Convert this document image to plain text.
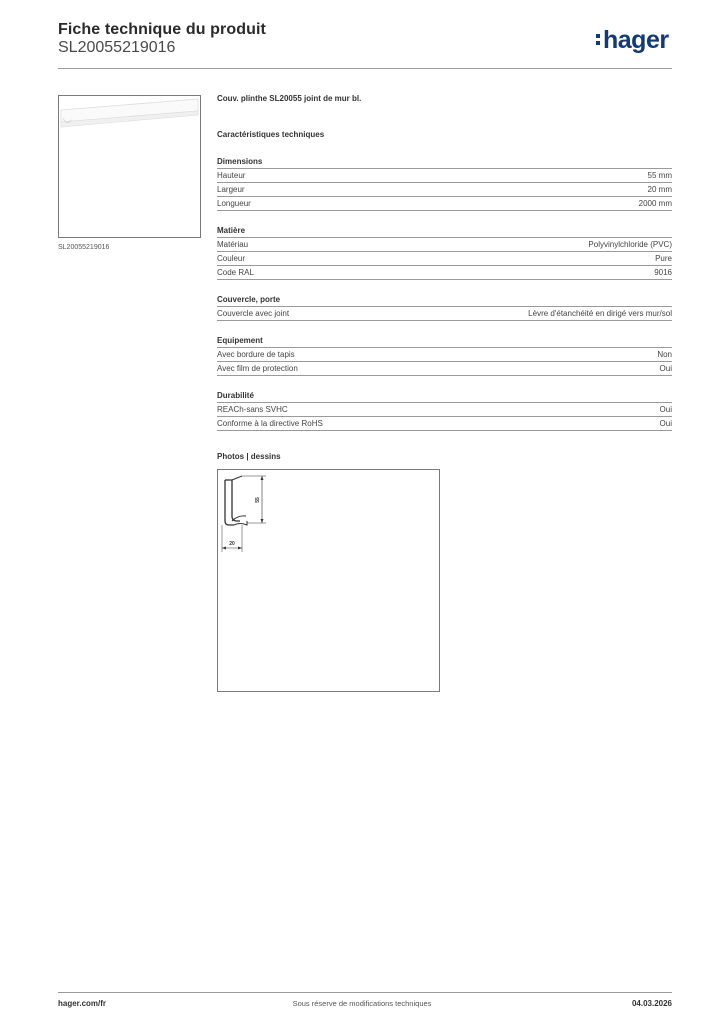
Fiche technique du produit
SL20055219016	hager
SL20055219016
Couv. plinthe SL20055 joint de mur bl.
Caractéristiques techniques
Dimensions
Hauteur	55 mm
Largeur	20 mm
Longueur	2000 mm
Matière
Matériau	Polyvinylchloride (PVC)
Couleur	Pure
Code RAL	9016
Couvercle, porte
Couvercle avec joint	Lèvre d'étanchéité en dirigé vers mur/sol
Equipement
Avec bordure de tapis	Non
Avec film de protection	Oui
Durabilité
REACh-sans SVHC	Oui
Conforme à la directive RoHS	Oui
Photos | dessins
55
20
hager.com/fr	Sous réserve de modifications techniques	04.03.2026
